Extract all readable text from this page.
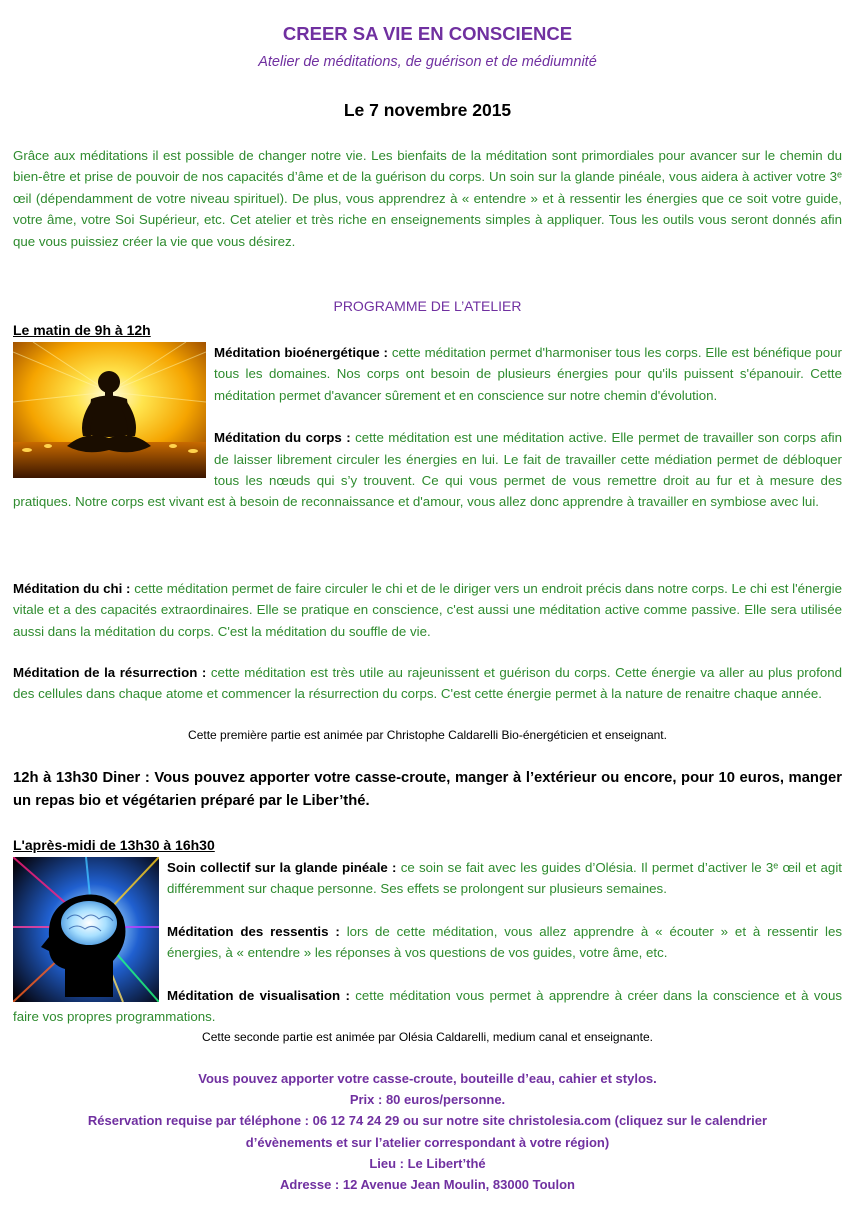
CREER SA VIE EN CONSCIENCE
Atelier de méditations, de guérison et de médiumnité
Le 7 novembre 2015

Grâce aux méditations il est possible de changer notre vie. Les bienfaits de la méditation sont primordiales pour avancer sur le chemin du bien-être et prise de pouvoir de nos capacités d’âme et de la guérison du corps. Un soin sur la glande pinéale, vous aidera à activer votre 3ᵉ œil (dépendamment de votre niveau spirituel). De plus, vous apprendrez à « entendre » et à ressentir les énergies que ce soit votre guide, votre âme, votre Soi Supérieur, etc. Cet atelier et très riche en enseignements simples à appliquer. Tous les outils vous seront donnés afin que vous puissiez créer la vie que vous désirez.

PROGRAMME DE L’ATELIER
Le matin de 9h à 12h
Méditation bioénergétique : cette méditation permet d'harmoniser tous les corps. Elle est bénéfique pour tous les domaines. Nos corps ont besoin de plusieurs énergies pour qu'ils puissent s'épanouir. Cette méditation permet d'avancer sûrement et en conscience sur notre chemin d'évolution.
Méditation du corps : cette méditation est une méditation active. Elle permet de travailler son corps afin de laisser librement circuler les énergies en lui. Le fait de travailler cette médiation permet de débloquer tous les nœuds qui s’y trouvent. Ce qui vous permet de vous remettre droit au fur et à mesure des pratiques. Notre corps est vivant est à besoin de reconnaissance et d'amour, vous allez donc apprendre à travailler en symbiose avec lui.

Méditation du chi : cette méditation permet de faire circuler le chi et de le diriger vers un endroit précis dans notre corps. Le chi est l'énergie vitale et a des capacités extraordinaires. Elle se pratique en conscience, c'est aussi une méditation active comme passive. Elle sera utilisée aussi dans la méditation du corps. C'est la méditation du souffle de vie.

Méditation de la résurrection : cette méditation est très utile au rajeunissent et guérison du corps. Cette énergie va aller au plus profond des cellules dans chaque atome et commencer la résurrection du corps. C'est cette énergie permet à la nature de renaitre chaque année.

Cette première partie est animée par Christophe Caldarelli Bio-énergéticien et enseignant.

12h à 13h30 Diner : Vous pouvez apporter votre casse-croute, manger à l’extérieur ou encore, pour 10 euros, manger un repas bio et végétarien préparé par le Liber’thé.

L'après-midi de 13h30 à 16h30
Soin collectif sur la glande pinéale : ce soin se fait avec les guides d’Olésia. Il permet d’activer le 3ᵉ œil et agit différemment sur chaque personne. Ses effets se prolongent sur plusieurs semaines.
Méditation des ressentis : lors de cette méditation, vous allez apprendre à « écouter » et à ressentir les énergies, à « entendre » les réponses à vos questions de vos guides, votre âme, etc.
Méditation de visualisation : cette méditation vous permet à apprendre à créer dans la conscience et à vous faire vos propres programmations.
Cette seconde partie est animée par Olésia Caldarelli, medium canal et enseignante.
Vous pouvez apporter votre casse-croute, bouteille d’eau, cahier et stylos.
Prix : 80 euros/personne.
Réservation requise par téléphone : 06 12 74 24 29 ou sur notre site christolesia.com (cliquez sur le calendrier
d’évènements et sur l’atelier correspondant à votre région)
Lieu : Le Libert’thé
Adresse : 12 Avenue Jean Moulin, 83000 Toulon
